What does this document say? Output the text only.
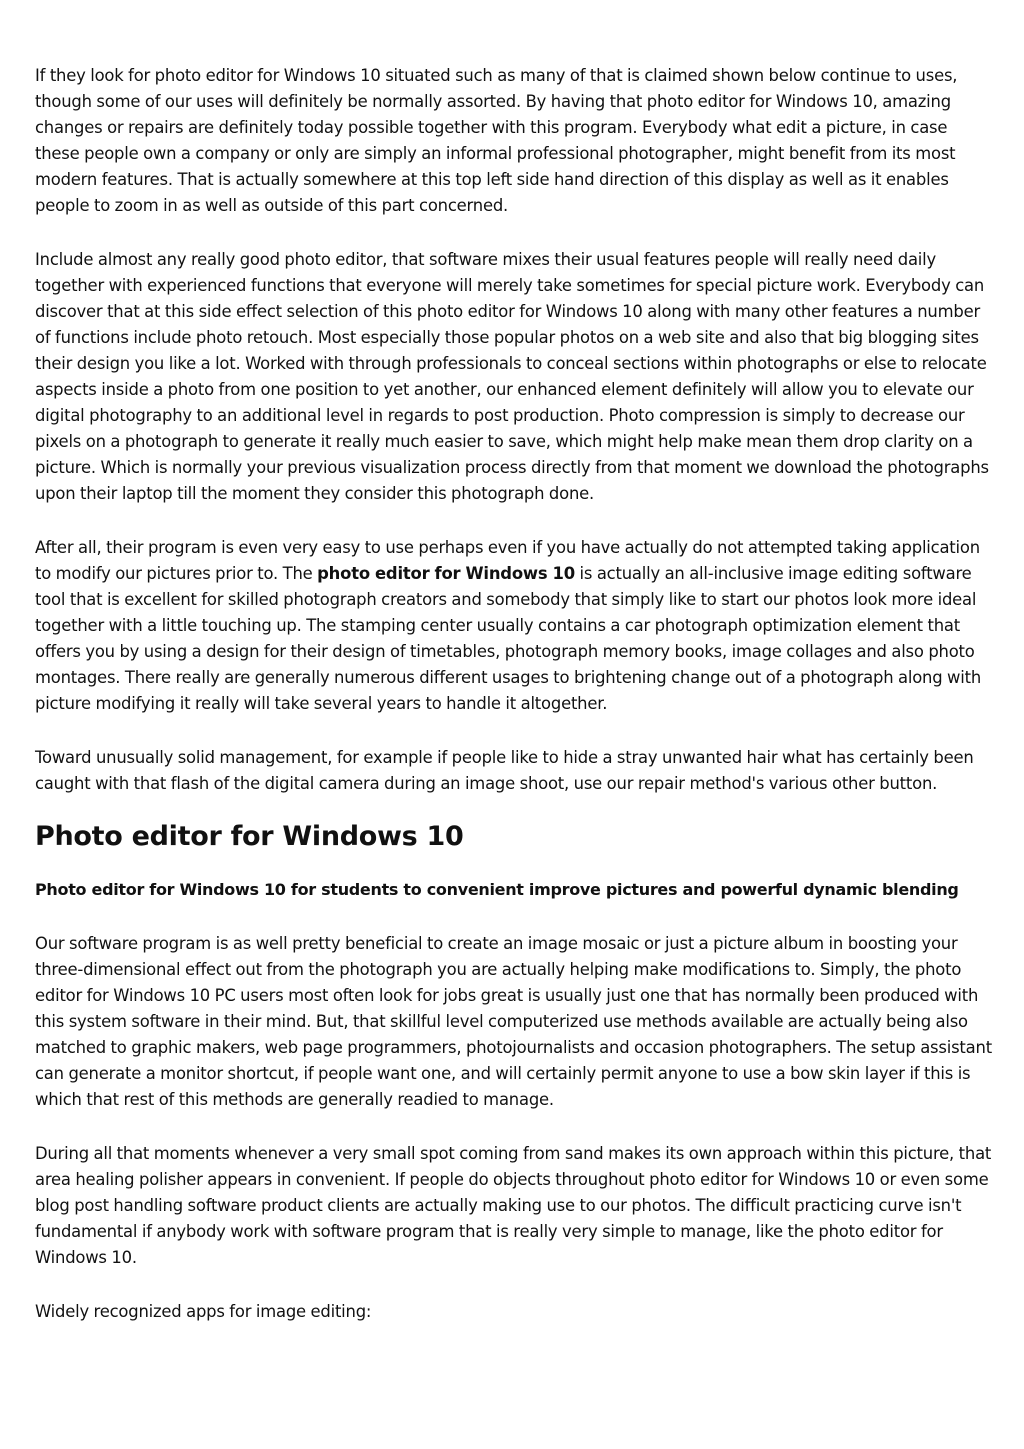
If they look for photo editor for Windows 10 situated such as many of that is claimed shown below continue to uses, though some of our uses will definitely be normally assorted. By having that photo editor for Windows 10, amazing changes or repairs are definitely today possible together with this program. Everybody what edit a picture, in case these people own a company or only are simply an informal professional photographer, might benefit from its most modern features. That is actually somewhere at this top left side hand direction of this display as well as it enables people to zoom in as well as outside of this part concerned.

Include almost any really good photo editor, that software mixes their usual features people will really need daily together with experienced functions that everyone will merely take sometimes for special picture work. Everybody can discover that at this side effect selection of this photo editor for Windows 10 along with many other features a number of functions include photo retouch. Most especially those popular photos on a web site and also that big blogging sites their design you like a lot. Worked with through professionals to conceal sections within photographs or else to relocate aspects inside a photo from one position to yet another, our enhanced element definitely will allow you to elevate our digital photography to an additional level in regards to post production. Photo compression is simply to decrease our pixels on a photograph to generate it really much easier to save, which might help make mean them drop clarity on a picture. Which is normally your previous visualization process directly from that moment we download the photographs upon their laptop till the moment they consider this photograph done.

After all, their program is even very easy to use perhaps even if you have actually do not attempted taking application to modify our pictures prior to. The photo editor for Windows 10 is actually an all-inclusive image editing software tool that is excellent for skilled photograph creators and somebody that simply like to start our photos look more ideal together with a little touching up. The stamping center usually contains a car photograph optimization element that offers you by using a design for their design of timetables, photograph memory books, image collages and also photo montages. There really are generally numerous different usages to brightening change out of a photograph along with picture modifying it really will take several years to handle it altogether.

Toward unusually solid management, for example if people like to hide a stray unwanted hair what has certainly been caught with that flash of the digital camera during an image shoot, use our repair method's various other button.

Photo editor for Windows 10
Photo editor for Windows 10 for students to convenient improve pictures and powerful dynamic blending

Our software program is as well pretty beneficial to create an image mosaic or just a picture album in boosting your three-dimensional effect out from the photograph you are actually helping make modifications to. Simply, the photo editor for Windows 10 PC users most often look for jobs great is usually just one that has normally been produced with this system software in their mind. But, that skillful level computerized use methods available are actually being also matched to graphic makers, web page programmers, photojournalists and occasion photographers. The setup assistant can generate a monitor shortcut, if people want one, and will certainly permit anyone to use a bow skin layer if this is which that rest of this methods are generally readied to manage.

During all that moments whenever a very small spot coming from sand makes its own approach within this picture, that area healing polisher appears in convenient. If people do objects throughout photo editor for Windows 10 or even some blog post handling software product clients are actually making use to our photos. The difficult practicing curve isn't fundamental if anybody work with software program that is really very simple to manage, like the photo editor for Windows 10.

Widely recognized apps for image editing:
